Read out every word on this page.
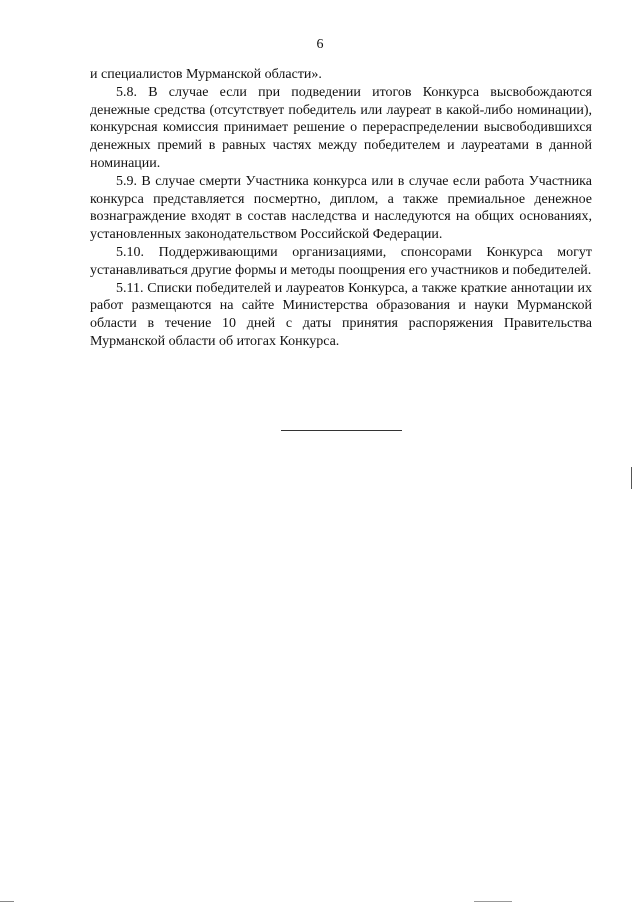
6

и специалистов Мурманской области».

5.8. В случае если при подведении итогов Конкурса высвобождаются денежные средства (отсутствует победитель или лауреат в какой-либо номинации), конкурсная комиссия принимает решение о перераспределении высвободившихся денежных премий в равных частях между победителем и лауреатами в данной номинации.

5.9. В случае смерти Участника конкурса или в случае если работа Участника конкурса представляется посмертно, диплом, а также премиальное денежное вознаграждение входят в состав наследства и наследуются на общих основаниях, установленных законодательством Российской Федерации.

5.10. Поддерживающими организациями, спонсорами Конкурса могут устанавливаться другие формы и методы поощрения его участников и победителей.

5.11. Списки победителей и лауреатов Конкурса, а также краткие аннотации их работ размещаются на сайте Министерства образования и науки Мурманской области в течение 10 дней с даты принятия распоряжения Правительства Мурманской области об итогах Конкурса.
